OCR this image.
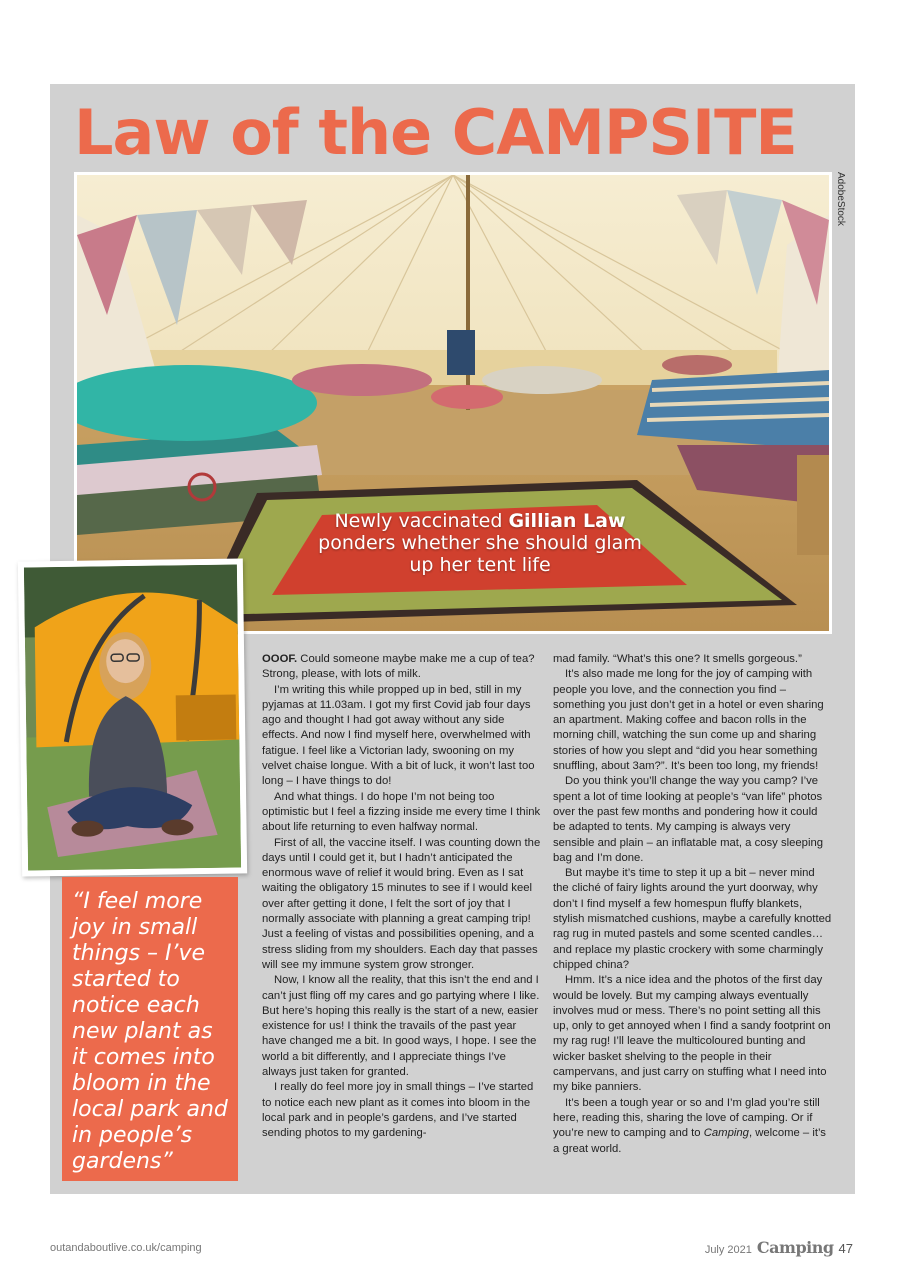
Law of the CAMPSITE
AdobeStock
Newly vaccinated Gillian Law ponders whether she should glam up her tent life

“I feel more joy in small things – I’ve started to notice each new plant as it comes into bloom in the local park and in people’s gardens”

OOOF. Could someone maybe make me a cup of tea? Strong, please, with lots of milk.

I’m writing this while propped up in bed, still in my pyjamas at 11.03am. I got my first Covid jab four days ago and thought I had got away without any side effects. And now I find myself here, overwhelmed with fatigue. I feel like a Victorian lady, swooning on my velvet chaise longue. With a bit of luck, it won’t last too long – I have things to do!

And what things. I do hope I’m not being too optimistic but I feel a fizzing inside me every time I think about life returning to even halfway normal.

First of all, the vaccine itself. I was counting down the days until I could get it, but I hadn’t anticipated the enormous wave of relief it would bring. Even as I sat waiting the obligatory 15 minutes to see if I would keel over after getting it done, I felt the sort of joy that I normally associate with planning a great camping trip! Just a feeling of vistas and possibilities opening, and a stress sliding from my shoulders. Each day that passes will see my immune system grow stronger.

Now, I know all the reality, that this isn’t the end and I can’t just fling off my cares and go partying where I like. But here’s hoping this really is the start of a new, easier existence for us! I think the travails of the past year have changed me a bit. In good ways, I hope. I see the world a bit differently, and I appreciate things I’ve always just taken for granted.

I really do feel more joy in small things – I’ve started to notice each new plant as it comes into bloom in the local park and in people’s gardens, and I’ve started sending photos to my gardening-

mad family. “What’s this one? It smells gorgeous.”

It’s also made me long for the joy of camping with people you love, and the connection you find – something you just don’t get in a hotel or even sharing an apartment. Making coffee and bacon rolls in the morning chill, watching the sun come up and sharing stories of how you slept and “did you hear something snuffling, about 3am?”. It’s been too long, my friends!

Do you think you’ll change the way you camp? I’ve spent a lot of time looking at people’s “van life” photos over the past few months and pondering how it could be adapted to tents. My camping is always very sensible and plain – an inflatable mat, a cosy sleeping bag and I’m done.

But maybe it’s time to step it up a bit – never mind the cliché of fairy lights around the yurt doorway, why don’t I find myself a few homespun fluffy blankets, stylish mismatched cushions, maybe a carefully knotted rag rug in muted pastels and some scented candles… and replace my plastic crockery with some charmingly chipped china?

Hmm. It’s a nice idea and the photos of the first day would be lovely. But my camping always eventually involves mud or mess. There’s no point setting all this up, only to get annoyed when I find a sandy footprint on my rag rug! I’ll leave the multicoloured bunting and wicker basket shelving to the people in their campervans, and just carry on stuffing what I need into my bike panniers.

It’s been a tough year or so and I’m glad you’re still here, reading this, sharing the love of camping. Or if you’re new to camping and to Camping, welcome – it’s a great world.

outandaboutlive.co.uk/camping	July 2021 Camping 47
